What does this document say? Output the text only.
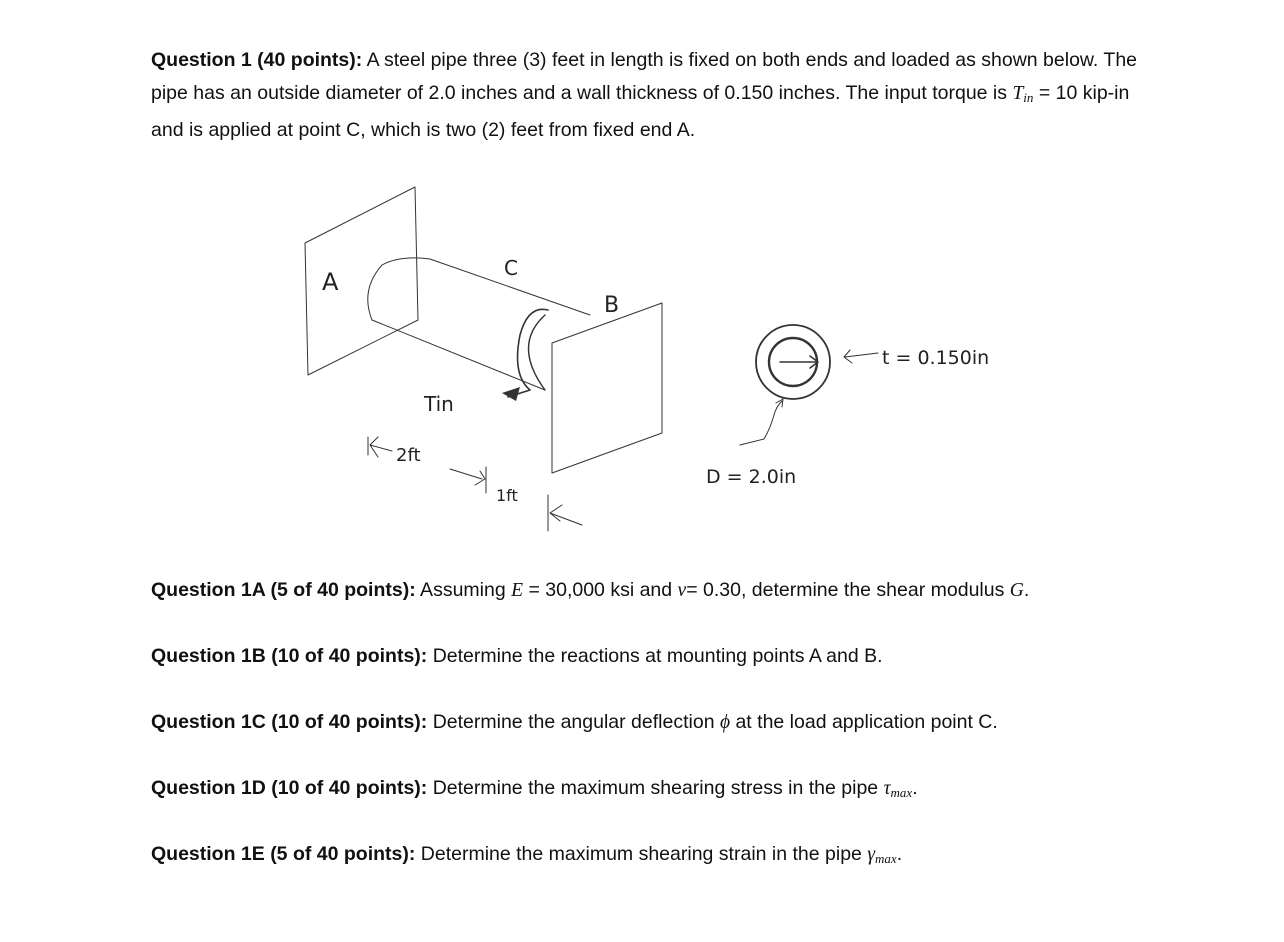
Question 1 (40 points): A steel pipe three (3) feet in length is fixed on both ends and loaded as shown below. The pipe has an outside diameter of 2.0 inches and a wall thickness of 0.150 inches. The input torque is $T_{in} = 10$ kip-in and is applied at point C, which is two (2) feet from fixed end A.

A	C
B
Tin
2ft
1ft
t = 0.150in
D = 2.0in

Question 1A (5 of 40 points): Assuming E = 30,000 ksi and ν= 0.30, determine the shear modulus G.

Question 1B (10 of 40 points): Determine the reactions at mounting points A and B.

Question 1C (10 of 40 points): Determine the angular deflection ϕ at the load application point C.

Question 1D (10 of 40 points): Determine the maximum shearing stress in the pipe $\tau_{max}$.

Question 1E (5 of 40 points): Determine the maximum shearing strain in the pipe $\gamma_{max}$.
